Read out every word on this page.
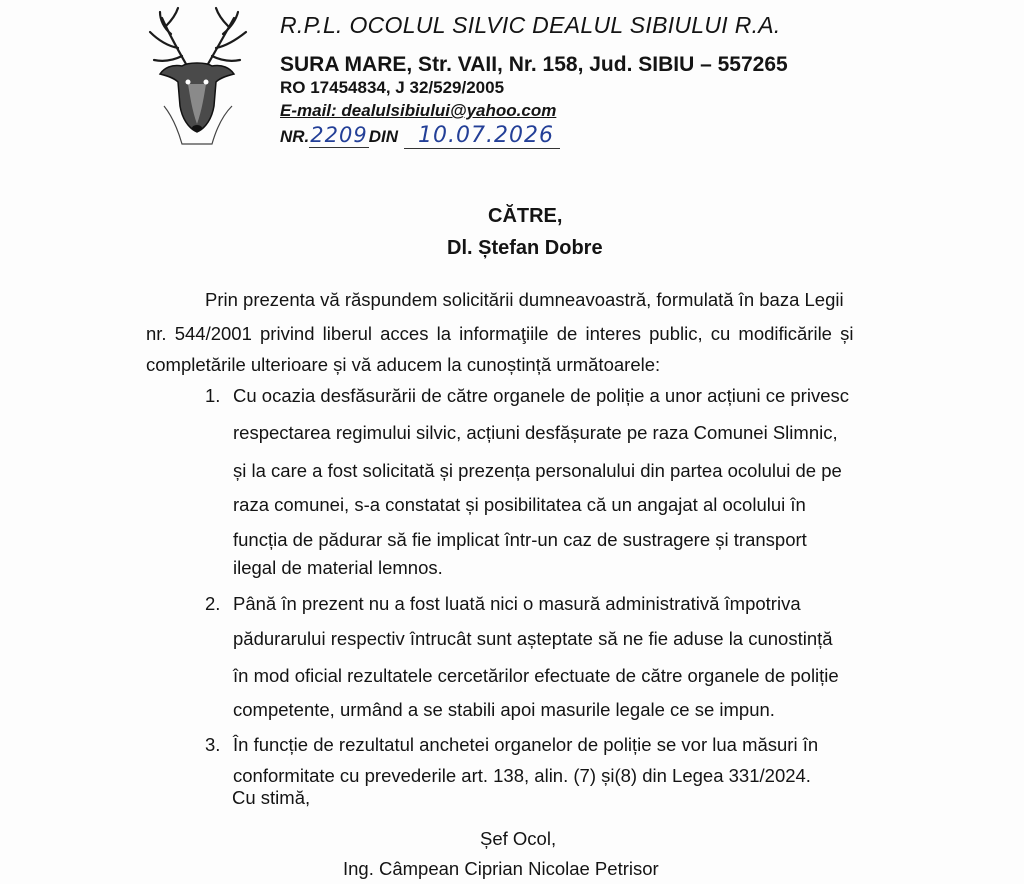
R.P.L. OCOLUL SILVIC DEALUL SIBIULUI R.A.
SURA MARE, Str. VAII, Nr. 158, Jud. SIBIU – 557265
RO 17454834, J 32/529/2005
E-mail: dealulsibiului@yahoo.com
NR.2209DIN 10.07.2026
CĂTRE,
Dl. Ștefan Dobre
Prin prezenta vă răspundem solicitării dumneavoastră, formulată în baza Legii
nr. 544/2001 privind liberul acces la informaţiile de interes public, cu modificările și
completările ulterioare și vă aducem la cunoștință următoarele:
1. Cu ocazia desfăsurării de către organele de poliție a unor acțiuni ce privesc
respectarea regimului silvic, acțiuni desfășurate pe raza Comunei Slimnic,
și la care a fost solicitată și prezența personalului din partea ocolului de pe
raza comunei, s-a constatat și posibilitatea că un angajat al ocolului în
funcția de pădurar să fie implicat într-un caz de sustragere și transport
ilegal de material lemnos.
2. Până în prezent nu a fost luată nici o masură administrativă împotriva
pădurarului respectiv întrucât sunt așteptate să ne fie aduse la cunostință
în mod oficial rezultatele cercetărilor efectuate de către organele de poliție
competente, urmând a se stabili apoi masurile legale ce se impun.
3. În funcție de rezultatul anchetei organelor de poliție se vor lua măsuri în
conformitate cu prevederile art. 138, alin. (7) și(8) din Legea 331/2024.
Cu stimă,
Șef Ocol,
Ing. Câmpean Ciprian Nicolae Petrisor
